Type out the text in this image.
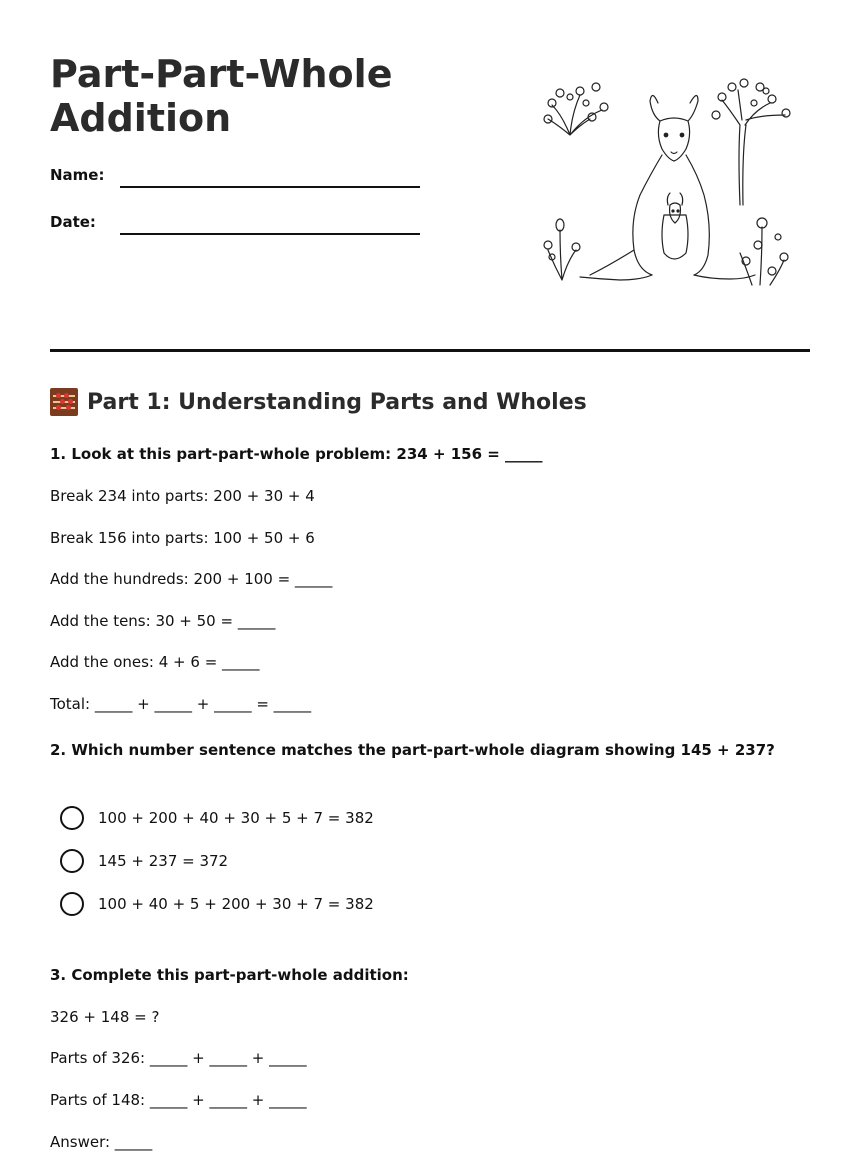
Part-Part-Whole
Addition
Name:
Date:
Part 1: Understanding Parts and Wholes
1. Look at this part-part-whole problem: 234 + 156 = _____
Break 234 into parts: 200 + 30 + 4
Break 156 into parts: 100 + 50 + 6
Add the hundreds: 200 + 100 = _____
Add the tens: 30 + 50 = _____
Add the ones: 4 + 6 = _____
Total: _____ + _____ + _____ = _____
2. Which number sentence matches the part-part-whole diagram showing 145 + 237?
100 + 200 + 40 + 30 + 5 + 7 = 382
145 + 237 = 372
100 + 40 + 5 + 200 + 30 + 7 = 382
3. Complete this part-part-whole addition:
326 + 148 = ?
Parts of 326: _____ + _____ + _____
Parts of 148: _____ + _____ + _____
Answer: _____
